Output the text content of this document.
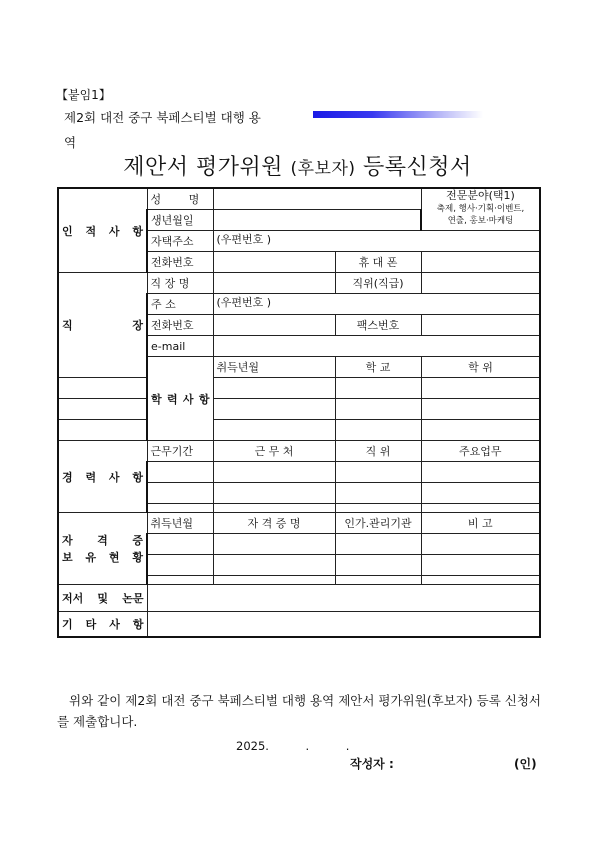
【붙임1】
제2회 대전 중구 북페스티벌 대행 용
역
제안서 평가위원 (후보자) 등록신청서
인 적 사 항	성 명			전문분야(택1)
축제, 행사·기획·이벤트,
연출, 홍보·마케팅	

	생년월일				
	자택주소	(우편번호 )			
	전화번호		휴 대 폰		
직 장	직 장 명		직위(직급)		
	주 소	(우편번호 )			
	전화번호		팩스번호		
	e-mail				
	학 력 사 항	취득년월	학 교	학 위	

경 력 사 항	근무기간	근 무 처	직 위	주요업무	

자 격 증
보 유 현 황	취득년월	자 격 증 명	인가.관리기관	비 고	

저서 및 논문					
기 타 사 항					
위와 같이 제2회 대전 중구 북페스티벌 대행 용역 제안서 평가위원(후보자) 등록 신청서를 제출합니다.
2025.          .          .
작성자 :	(인)
